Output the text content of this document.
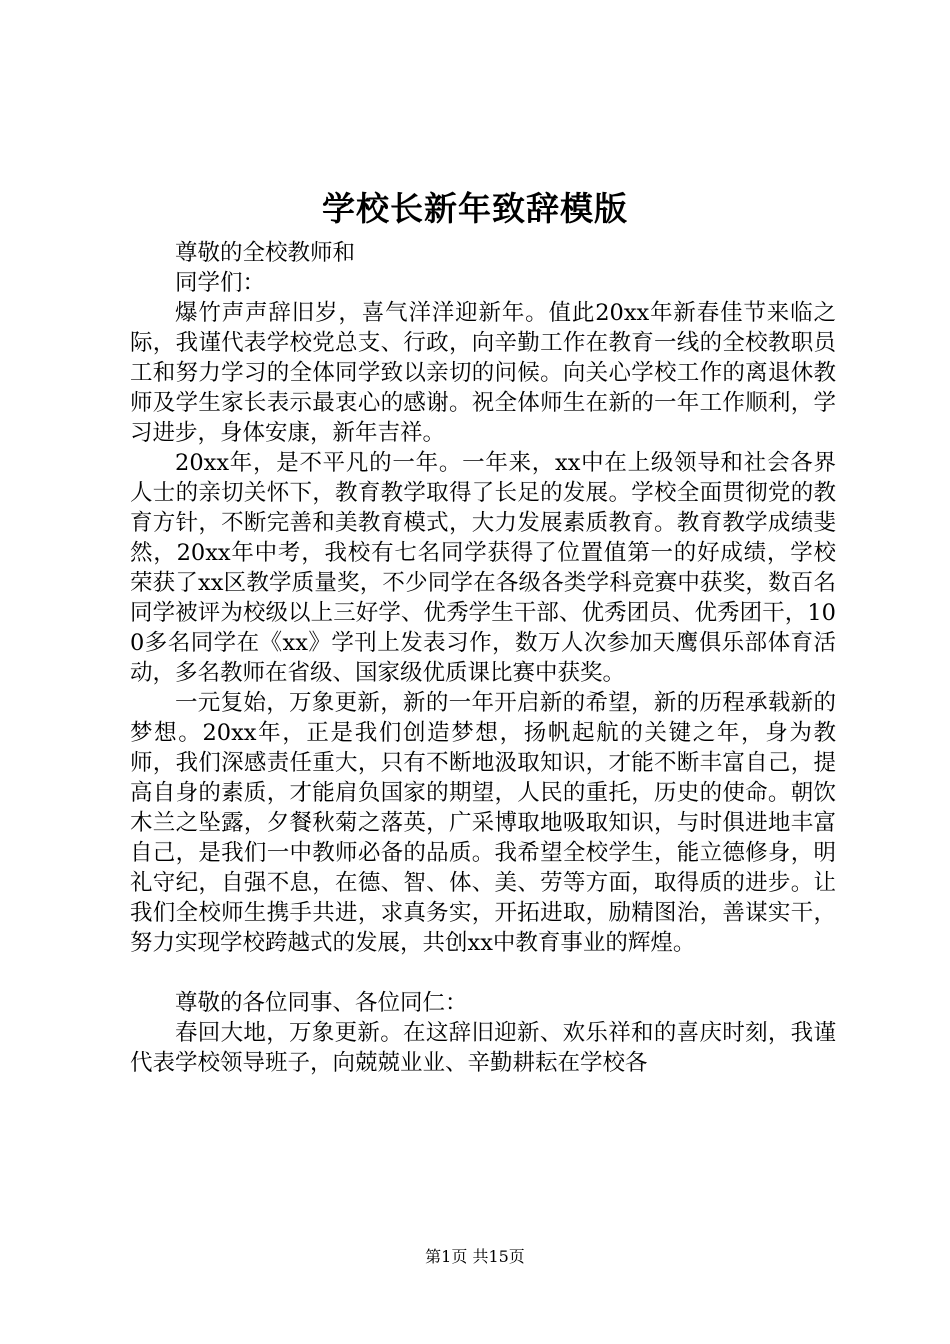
学校长新年致辞模版

尊敬的全校教师和

同学们：

爆竹声声辞旧岁，喜气洋洋迎新年。值此20xx年新春佳节来临之际，我谨代表学校党总支、行政，向辛勤工作在教育一线的全校教职员工和努力学习的全体同学致以亲切的问候。向关心学校工作的离退休教师及学生家长表示最衷心的感谢。祝全体师生在新的一年工作顺利，学习进步，身体安康，新年吉祥。

20xx年，是不平凡的一年。一年来，xx中在上级领导和社会各界人士的亲切关怀下，教育教学取得了长足的发展。学校全面贯彻党的教育方针，不断完善和美教育模式，大力发展素质教育。教育教学成绩斐然，20xx年中考，我校有七名同学获得了位置值第一的好成绩，学校荣获了xx区教学质量奖，不少同学在各级各类学科竞赛中获奖，数百名同学被评为校级以上三好学、优秀学生干部、优秀团员、优秀团干，100多名同学在《xx》学刊上发表习作，数万人次参加天鹰俱乐部体育活动，多名教师在省级、国家级优质课比赛中获奖。

一元复始，万象更新，新的一年开启新的希望，新的历程承载新的梦想。20xx年，正是我们创造梦想，扬帆起航的关键之年，身为教师，我们深感责任重大，只有不断地汲取知识，才能不断丰富自己，提高自身的素质，才能肩负国家的期望，人民的重托，历史的使命。朝饮木兰之坠露，夕餐秋菊之落英，广采博取地吸取知识，与时俱进地丰富自己，是我们一中教师必备的品质。我希望全校学生，能立德修身，明礼守纪，自强不息，在德、智、体、美、劳等方面，取得质的进步。让我们全校师生携手共进，求真务实，开拓进取，励精图治，善谋实干，努力实现学校跨越式的发展，共创xx中教育事业的辉煌。

尊敬的各位同事、各位同仁：

春回大地，万象更新。在这辞旧迎新、欢乐祥和的喜庆时刻，我谨代表学校领导班子，向兢兢业业、辛勤耕耘在学校各

第1页 共15页
